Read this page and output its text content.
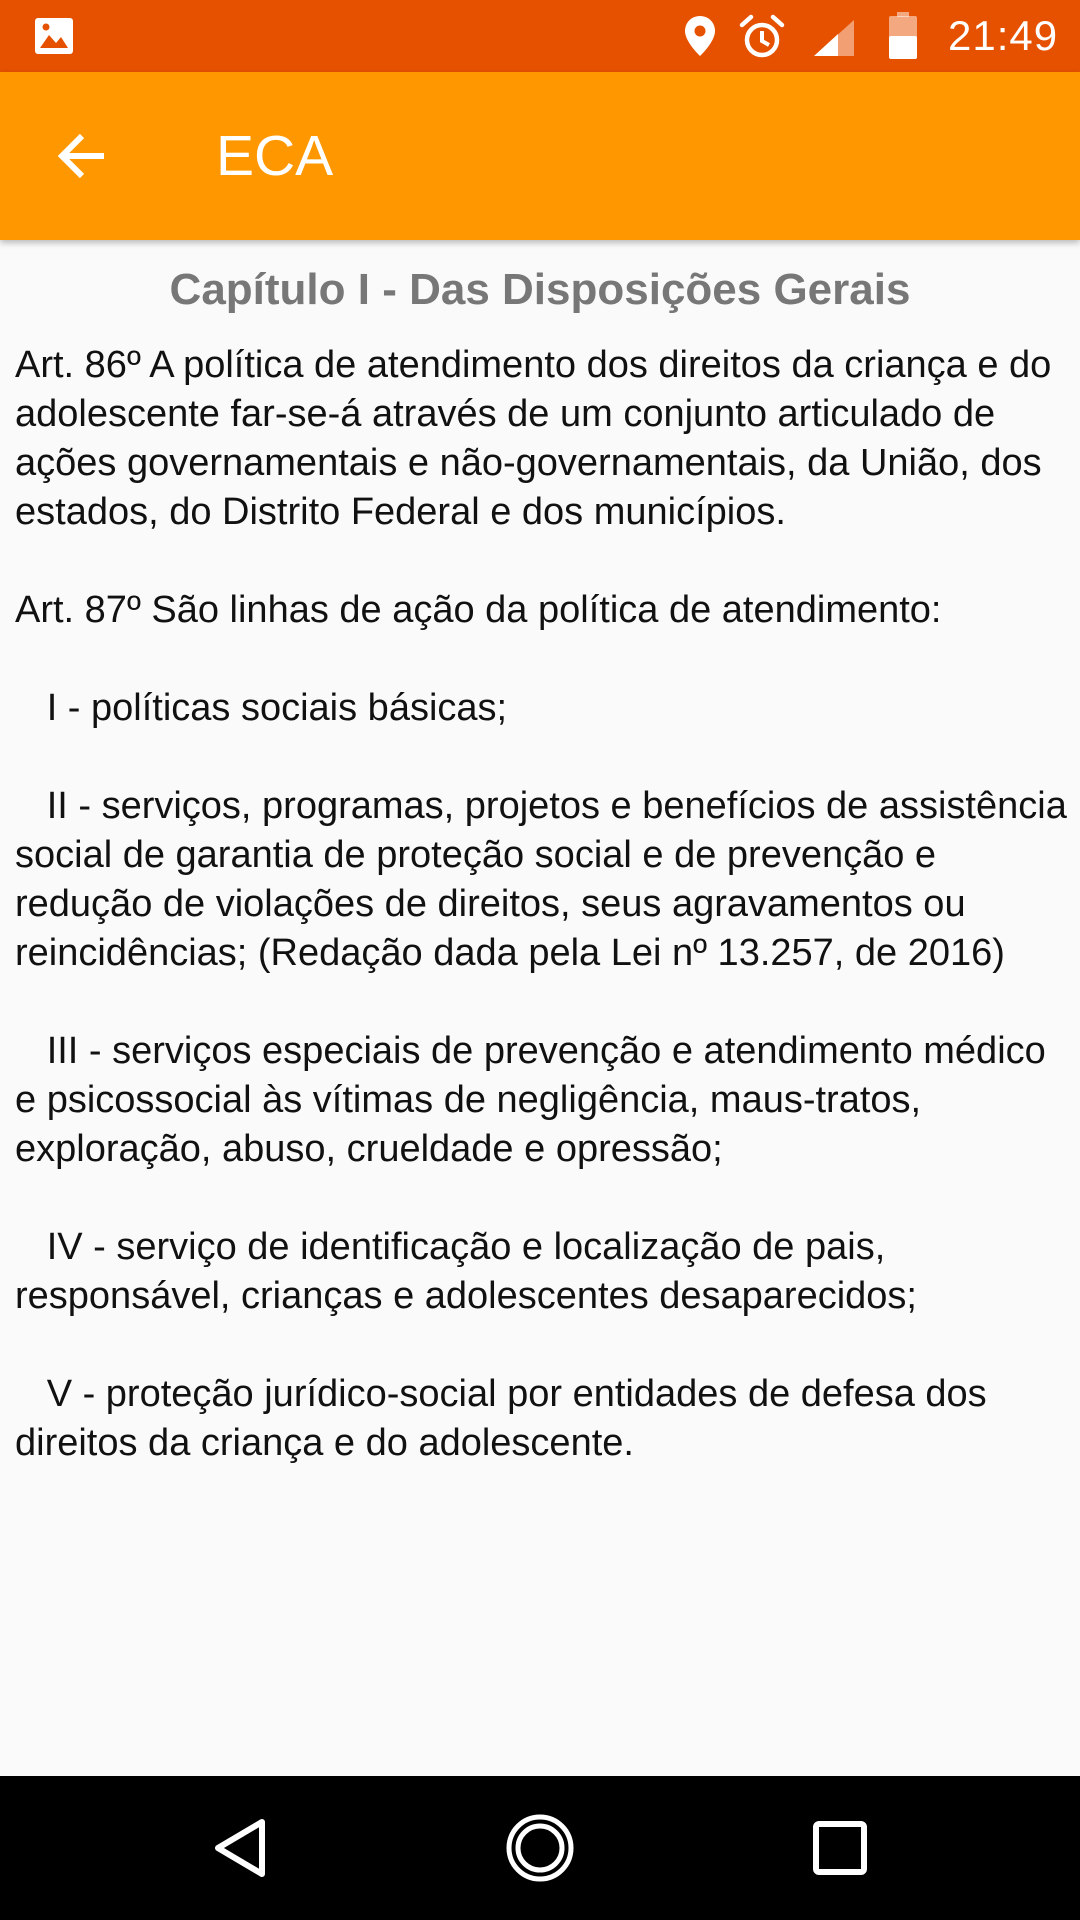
21:49
ECA
Capítulo I - Das Disposições Gerais

Art. 86º A política de atendimento dos direitos da criança e do adolescente far-se-á através de um conjunto articulado de ações governamentais e não-governamentais, da União, dos estados, do Distrito Federal e dos municípios.

Art. 87º São linhas de ação da política de atendimento:

I - políticas sociais básicas;

II - serviços, programas, projetos e benefícios de assistência social de garantia de proteção social e de prevenção e redução de violações de direitos, seus agravamentos ou reincidências; (Redação dada pela Lei nº 13.257, de 2016)

III - serviços especiais de prevenção e atendimento médico e psicossocial às vítimas de negligência, maus-tratos, exploração, abuso, crueldade e opressão;

IV - serviço de identificação e localização de pais, responsável, crianças e adolescentes desaparecidos;

V - proteção jurídico-social por entidades de defesa dos direitos da criança e do adolescente.
